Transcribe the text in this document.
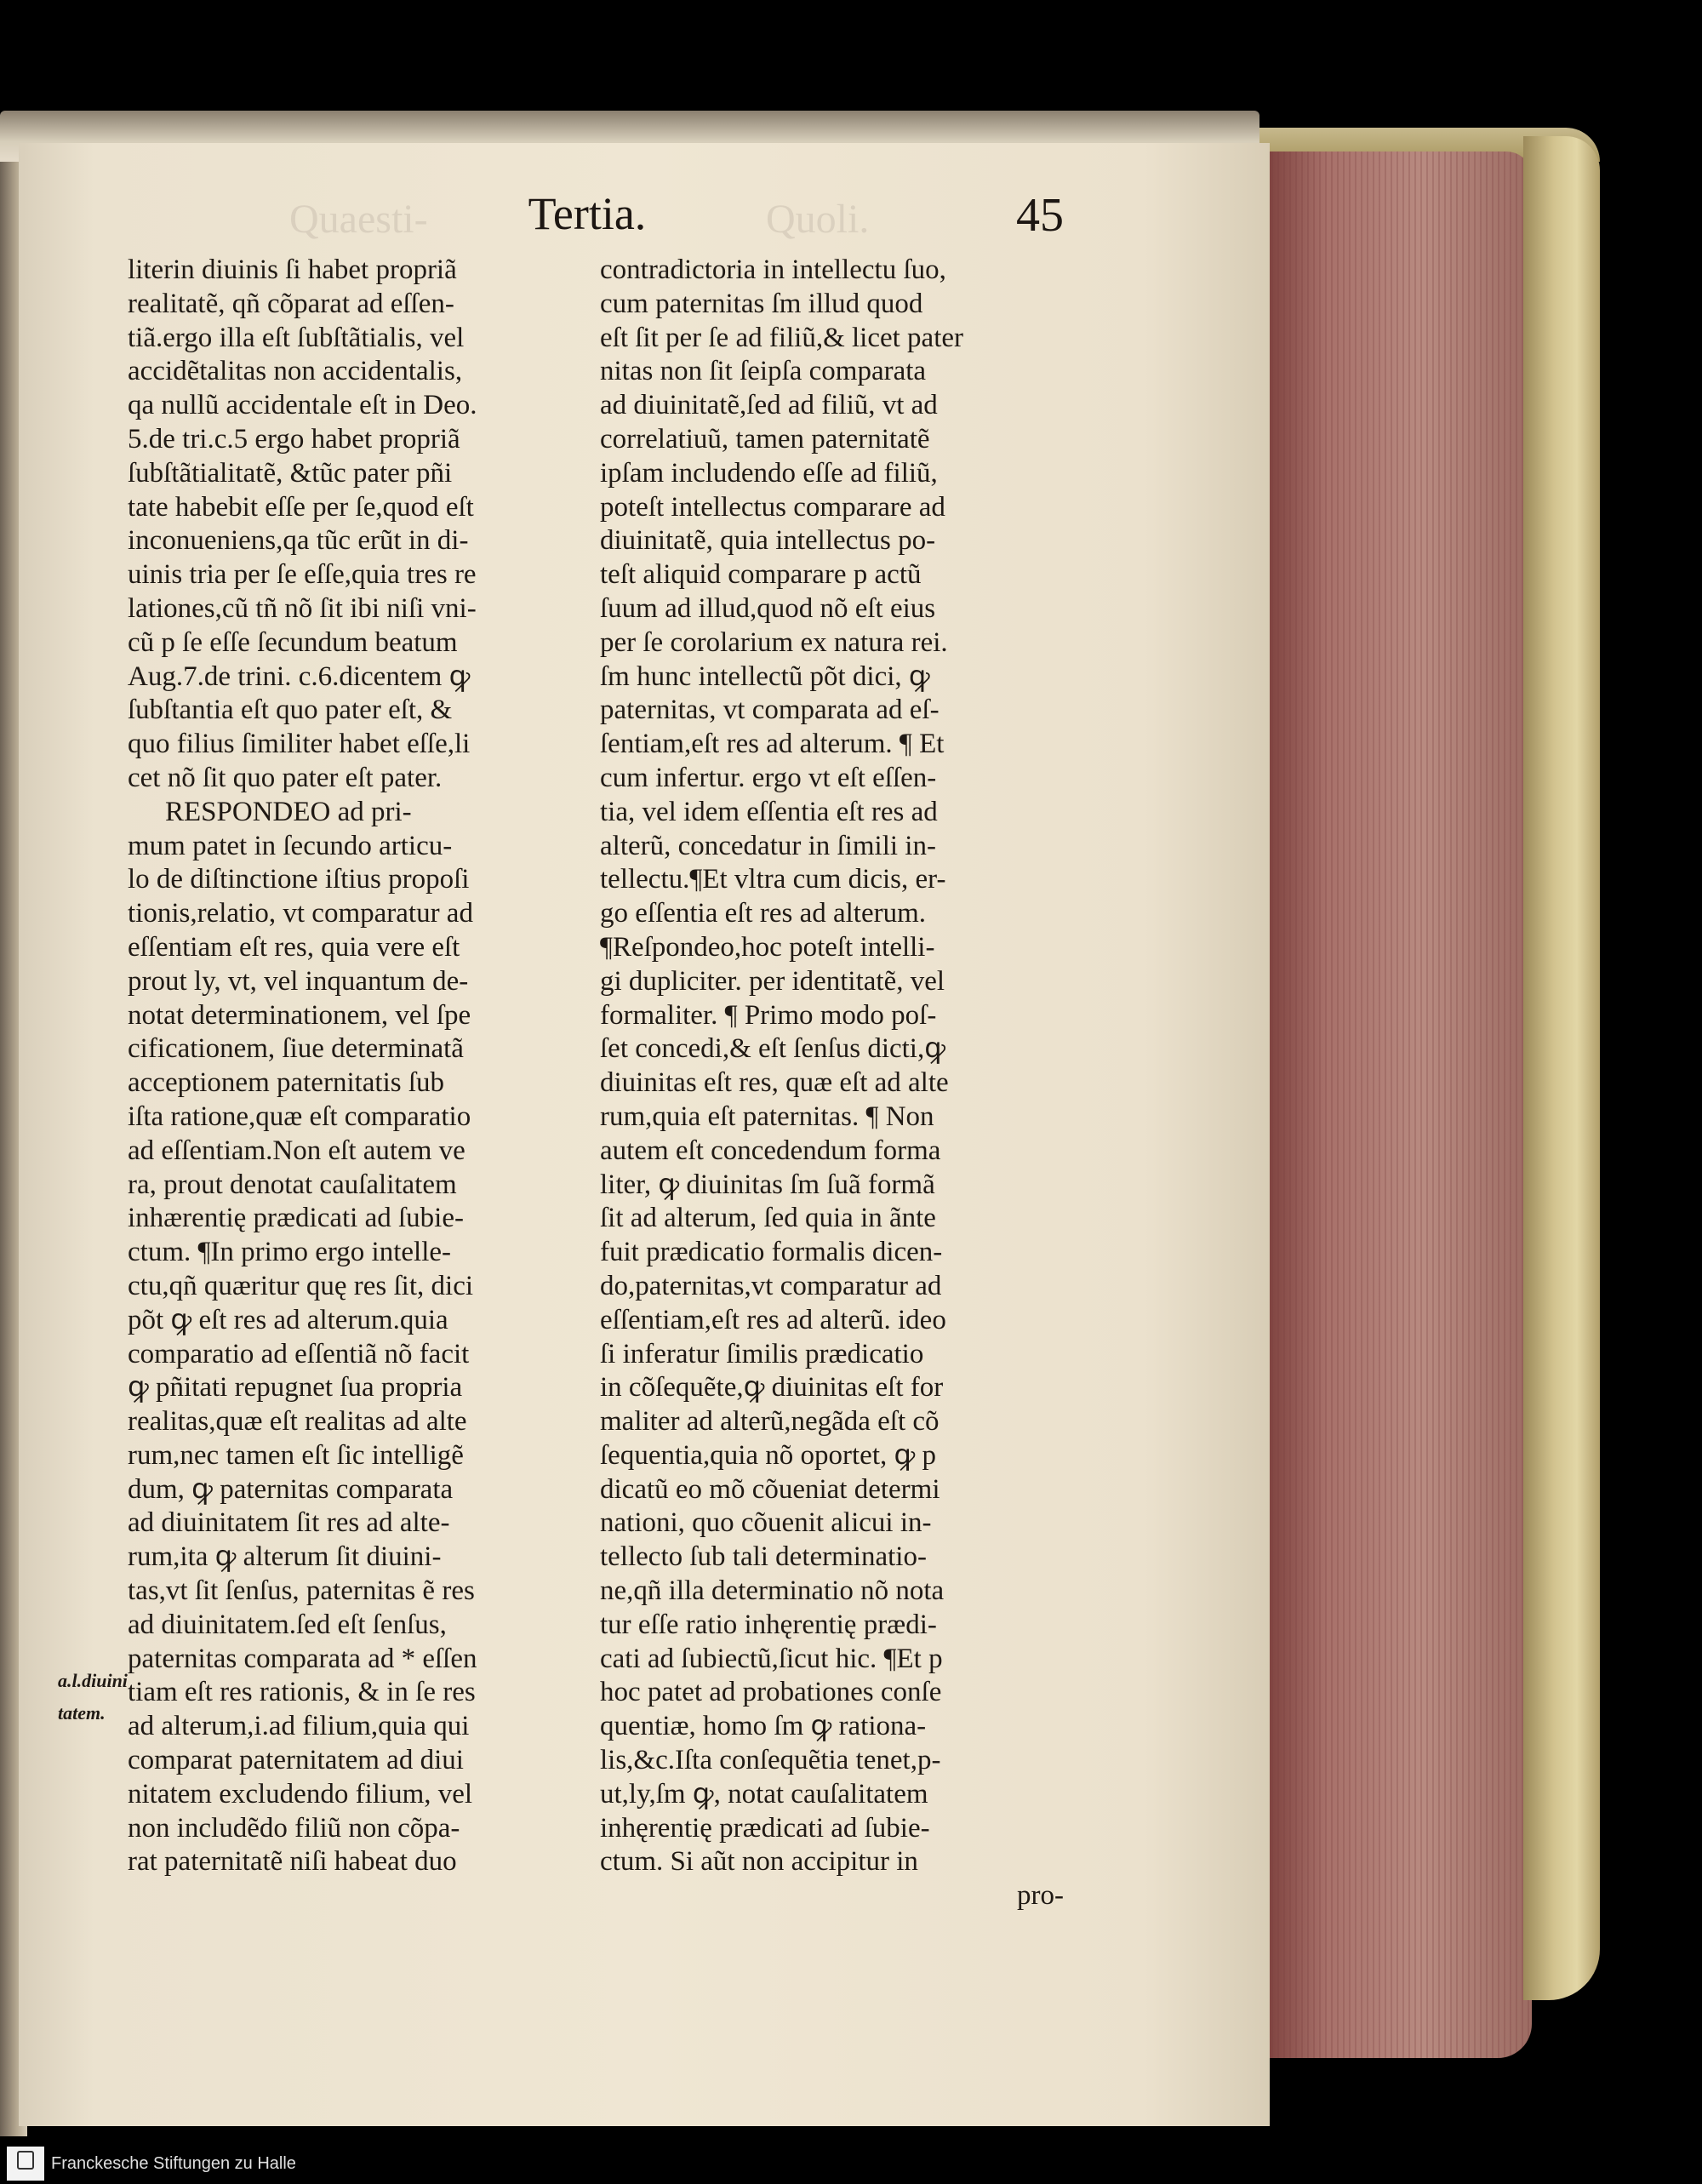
Quaesti-	Quoli.
Tertia.	45
literin diuinis ſi habet propriã
realitatẽ, qñ cõparat ad eſſen-
tiã.ergo illa eſt ſubſtãtialis, vel
accidẽtalitas non accidentalis,
qa nullũ accidentale eſt in Deo.
5.de tri.c.5 ergo habet propriã
ſubſtãtialitatẽ, &tũc pater pñi
tate habebit eſſe per ſe,quod eſt
inconueniens,qa tũc erũt in di-
uinis tria per ſe eſſe,quia tres re
lationes,cũ tñ nõ ſit ibi niſi vni-
cũ p ſe eſſe ſecundum beatum
Aug.7.de trini. c.6.dicentem ꝙ
ſubſtantia eſt quo pater eſt, &
quo filius ſimiliter habet eſſe,li
cet nõ ſit quo pater eſt pater.
RESPONDEO ad pri-
mum patet in ſecundo articu-
lo de diſtinctione iſtius propoſi
tionis,relatio, vt comparatur ad
eſſentiam eſt res, quia vere eſt
prout ly, vt, vel inquantum de-
notat determinationem, vel ſpe
cificationem, ſiue determinatã
acceptionem paternitatis ſub
iſta ratione,quæ eſt comparatio
ad eſſentiam.Non eſt autem ve
ra, prout denotat cauſalitatem
inhærentię prædicati ad ſubie-
ctum. ¶In primo ergo intelle-
ctu,qñ quæritur quę res ſit, dici
põt ꝙ eſt res ad alterum.quia
comparatio ad eſſentiã nõ facit
ꝙ pñitati repugnet ſua propria
realitas,quæ eſt realitas ad alte
rum,nec tamen eſt ſic intelligẽ
dum, ꝙ paternitas comparata
ad diuinitatem ſit res ad alte-
rum,ita ꝙ alterum ſit diuini-
tas,vt ſit ſenſus, paternitas ẽ res
ad diuinitatem.ſed eſt ſenſus,
paternitas comparata ad * eſſen
tiam eſt res rationis, & in ſe res
ad alterum,i.ad filium,quia qui
comparat paternitatem ad diui
nitatem excludendo filium, vel
non includẽdo filiũ non cõpa-
rat paternitatẽ niſi habeat duo
contradictoria in intellectu ſuo,
cum paternitas ſm illud quod
eſt ſit per ſe ad filiũ,& licet pater
nitas non ſit ſeipſa comparata
ad diuinitatẽ,ſed ad filiũ, vt ad
correlatiuũ, tamen paternitatẽ
ipſam includendo eſſe ad filiũ,
poteſt intellectus comparare ad
diuinitatẽ, quia intellectus po-
teſt aliquid comparare p actũ
ſuum ad illud,quod nõ eſt eius
per ſe corolarium ex natura rei.
ſm hunc intellectũ põt dici, ꝙ
paternitas, vt comparata ad eſ-
ſentiam,eſt res ad alterum. ¶ Et
cum infertur. ergo vt eſt eſſen-
tia, vel idem eſſentia eſt res ad
alterũ, concedatur in ſimili in-
tellectu.¶Et vltra cum dicis, er-
go eſſentia eſt res ad alterum.
¶Reſpondeo,hoc poteſt intelli-
gi dupliciter. per identitatẽ, vel
formaliter. ¶ Primo modo poſ-
ſet concedi,& eſt ſenſus dicti,ꝙ
diuinitas eſt res, quæ eſt ad alte
rum,quia eſt paternitas. ¶ Non
autem eſt concedendum forma
liter, ꝙ diuinitas ſm ſuã formã
ſit ad alterum, ſed quia in ãnte
fuit prædicatio formalis dicen-
do,paternitas,vt comparatur ad
eſſentiam,eſt res ad alterũ. ideo
ſi inferatur ſimilis prædicatio
in cõſequẽte,ꝙ diuinitas eſt for
maliter ad alterũ,negãda eſt cõ
ſequentia,quia nõ oportet, ꝙ p
dicatũ eo mõ cõueniat determi
nationi, quo cõuenit alicui in-
tellecto ſub tali determinatio-
ne,qñ illa determinatio nõ nota
tur eſſe ratio inhęrentię prædi-
cati ad ſubiectũ,ſicut hic. ¶Et p
hoc patet ad probationes conſe
quentiæ, homo ſm ꝙ rationa-
lis,&c.Iſta conſequẽtia tenet,p-
ut,ly,ſm ꝙ, notat cauſalitatem
inhęrentię prædicati ad ſubie-
ctum. Si aũt non accipitur in
pro-
a.l.diuini
tatem.
Franckesche Stiftungen zu Halle
